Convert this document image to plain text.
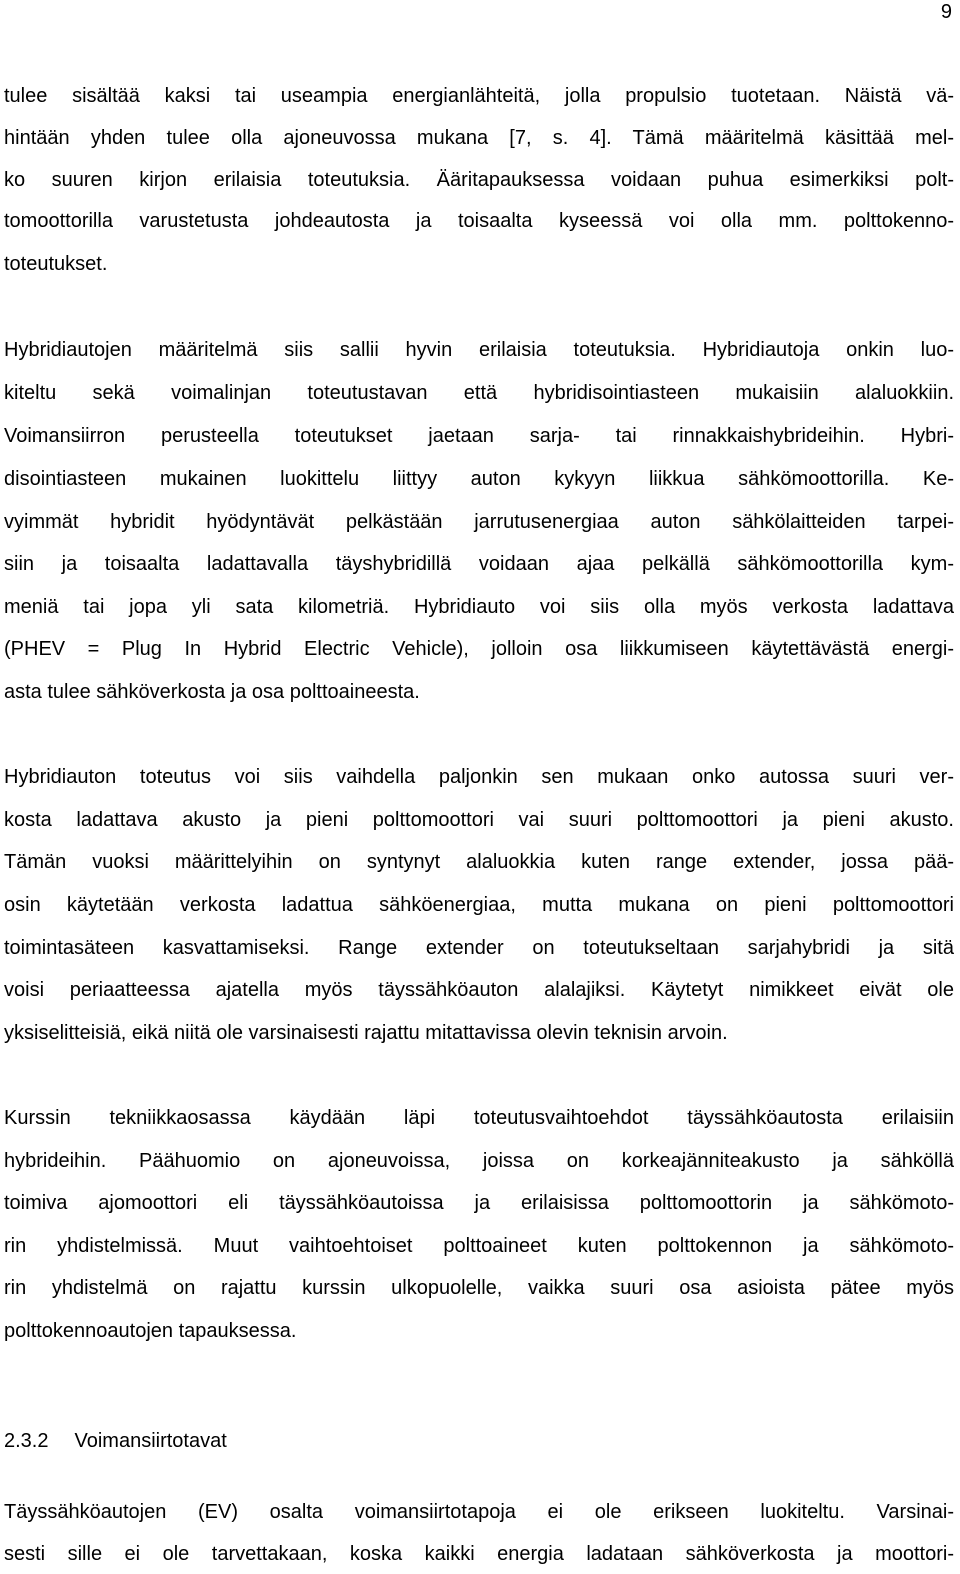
9
tulee sisältää kaksi tai useampia energianlähteitä, jolla propulsio tuotetaan. Näistä vä-
hintään yhden tulee olla ajoneuvossa mukana [7, s. 4]. Tämä määritelmä käsittää mel-
ko suuren kirjon erilaisia toteutuksia. Ääritapauksessa voidaan puhua esimerkiksi polt-
tomoottorilla varustetusta johdeautosta ja toisaalta kyseessä voi olla mm. polttokenno-
toteutukset.
Hybridiautojen määritelmä siis sallii hyvin erilaisia toteutuksia. Hybridiautoja onkin luo-
kiteltu sekä voimalinjan toteutustavan että hybridisointiasteen mukaisiin alaluokkiin.
Voimansiirron perusteella toteutukset jaetaan sarja- tai rinnakkaishybrideihin. Hybri-
disointiasteen mukainen luokittelu liittyy auton kykyyn liikkua sähkömoottorilla. Ke-
vyimmät hybridit hyödyntävät pelkästään jarrutusenergiaa auton sähkölaitteiden tarpei-
siin ja toisaalta ladattavalla täyshybridillä voidaan ajaa pelkällä sähkömoottorilla kym-
meniä tai jopa yli sata kilometriä. Hybridiauto voi siis olla myös verkosta ladattava
(PHEV = Plug In Hybrid Electric Vehicle), jolloin osa liikkumiseen käytettävästä energi-
asta tulee sähköverkosta ja osa polttoaineesta.
Hybridiauton toteutus voi siis vaihdella paljonkin sen mukaan onko autossa suuri ver-
kosta ladattava akusto ja pieni polttomoottori vai suuri polttomoottori ja pieni akusto.
Tämän vuoksi määrittelyihin on syntynyt alaluokkia kuten range extender, jossa pää-
osin käytetään verkosta ladattua sähköenergiaa, mutta mukana on pieni polttomoottori
toimintasäteen kasvattamiseksi. Range extender on toteutukseltaan sarjahybridi ja sitä
voisi periaatteessa ajatella myös täyssähköauton alalajiksi. Käytetyt nimikkeet eivät ole
yksiselitteisiä, eikä niitä ole varsinaisesti rajattu mitattavissa olevin teknisin arvoin.
Kurssin tekniikkaosassa käydään läpi toteutusvaihtoehdot täyssähköautosta erilaisiin
hybrideihin. Päähuomio on ajoneuvoissa, joissa on korkeajänniteakusto ja sähköllä
toimiva ajomoottori eli täyssähköautoissa ja erilaisissa polttomoottorin ja sähkömoto-
rin yhdistelmissä. Muut vaihtoehtoiset polttoaineet kuten polttokennon ja sähkömoto-
rin yhdistelmä on rajattu kurssin ulkopuolelle, vaikka suuri osa asioista pätee myös
polttokennoautojen tapauksessa.
2.3.2 Voimansiirtotavat
Täyssähköautojen (EV) osalta voimansiirtotapoja ei ole erikseen luokiteltu. Varsinai-
sesti sille ei ole tarvettakaan, koska kaikki energia ladataan sähköverkosta ja moottori-
